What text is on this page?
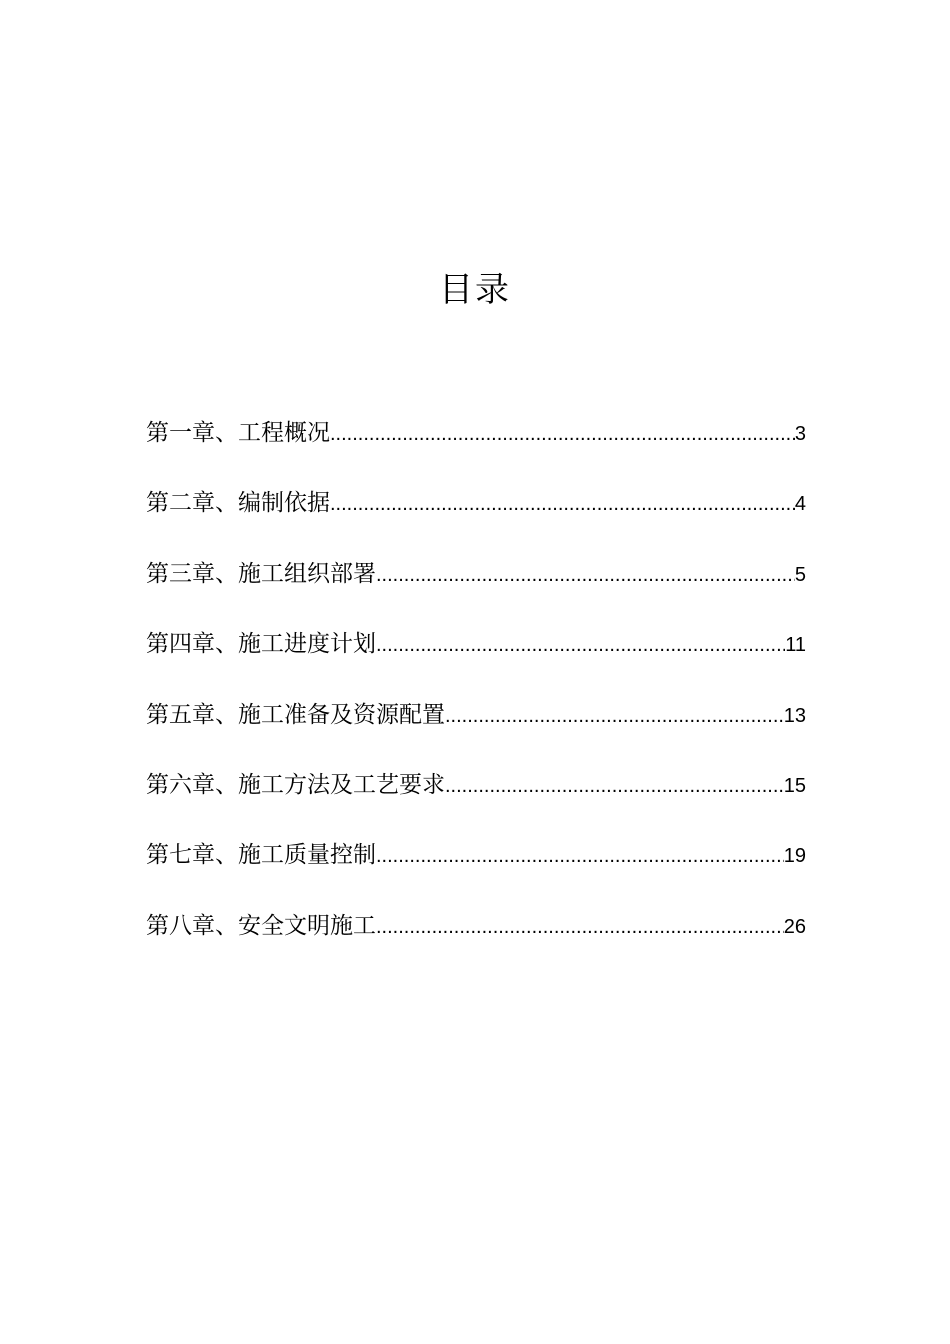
目录
第一章、工程概况 .....	3
第二章、编制依据 .....	4
第三章、施工组织部署 .....	5
第四章、施工进度计划 .....	11
第五章、施工准备及资源配置 .....	13
第六章、施工方法及工艺要求 .....	15
第七章、施工质量控制 .....	19
第八章、安全文明施工 .....	26
